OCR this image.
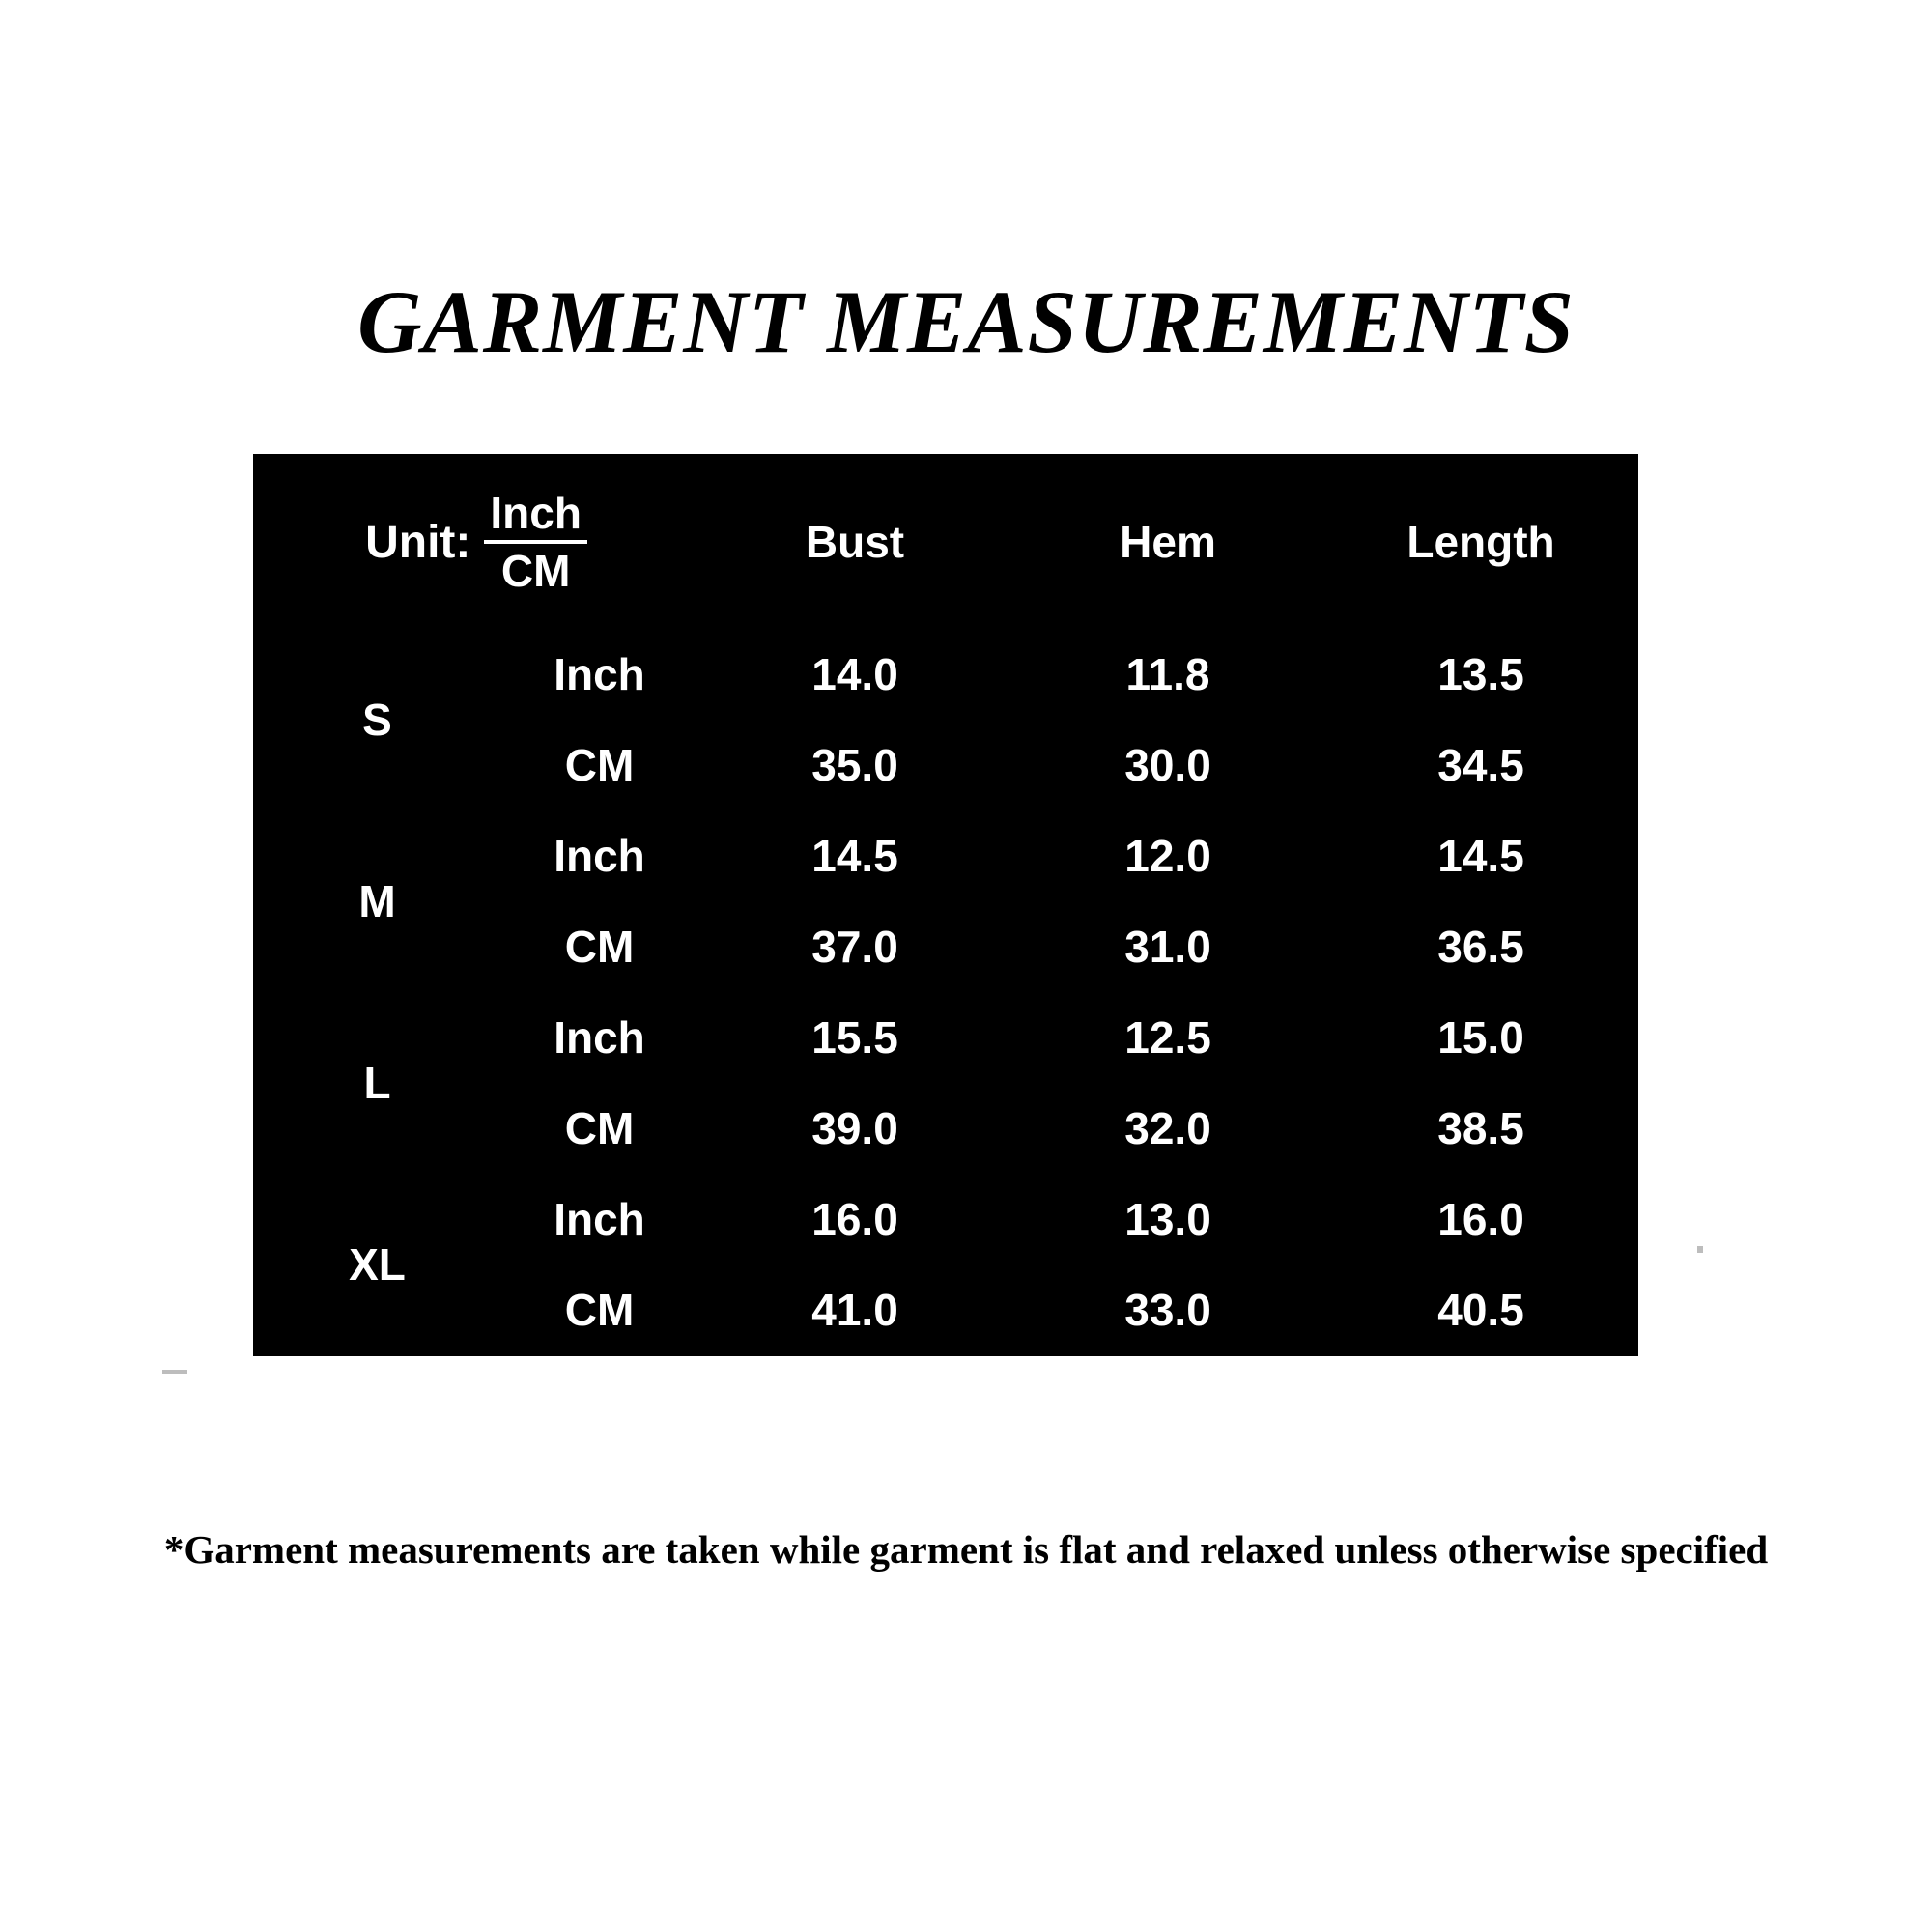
GARMENT MEASUREMENTS
Unit: $\frac{\text{Inch}}{CM}$		Bust	Hem	Length
S	Inch	14.0	11.8	13.5
	CM	35.0	30.0	34.5
M	Inch	14.5	12.0	14.5
	CM	37.0	31.0	36.5
L	Inch	15.5	12.5	15.0
	CM	39.0	32.0	38.5
XL	Inch	16.0	13.0	16.0
	CM	41.0	33.0	40.5
*Garment measurements are taken while garment is flat and relaxed unless otherwise specified
